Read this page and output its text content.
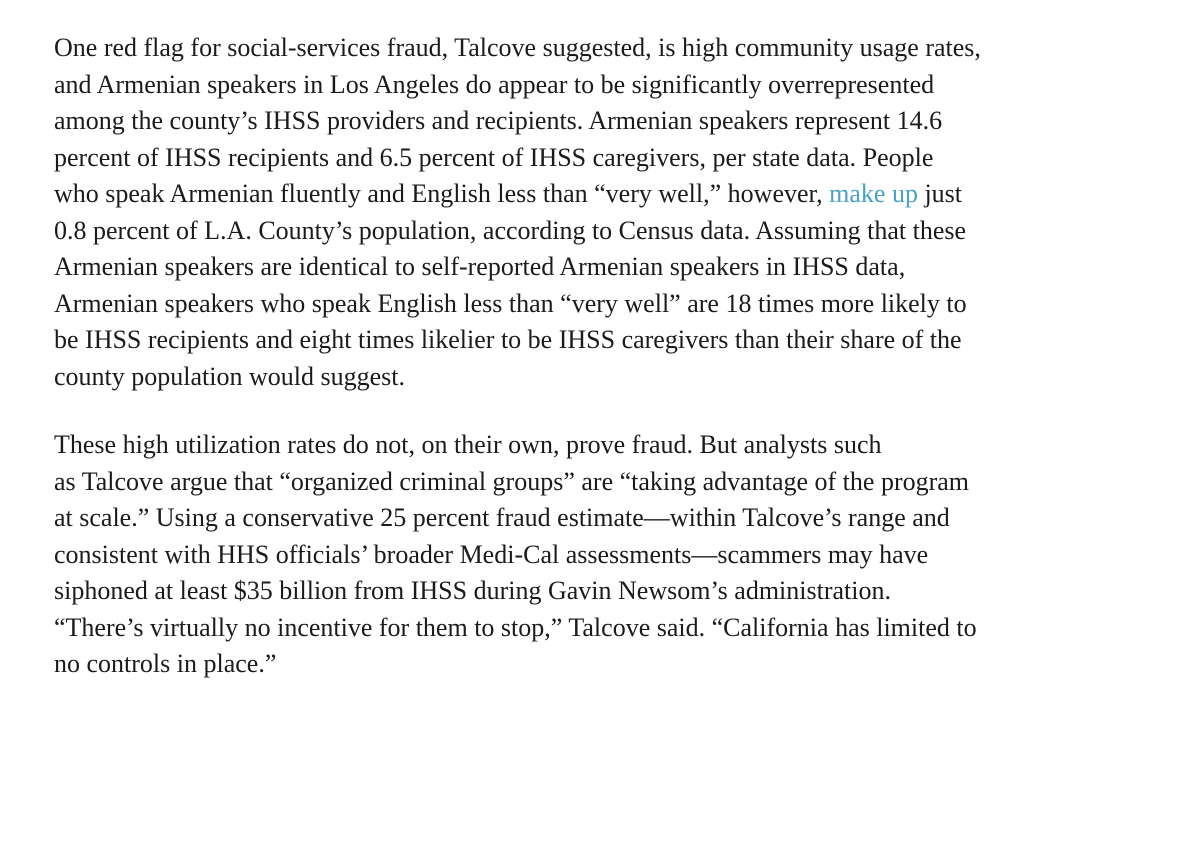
One red flag for social-services fraud, Talcove suggested, is high community usage rates,
and Armenian speakers in Los Angeles do appear to be significantly overrepresented
among the county’s IHSS providers and recipients. Armenian speakers represent 14.6
percent of IHSS recipients and 6.5 percent of IHSS caregivers, per state data. People
who speak Armenian fluently and English less than “very well,” however, make up just
0.8 percent of L.A. County’s population, according to Census data. Assuming that these
Armenian speakers are identical to self-reported Armenian speakers in IHSS data,
Armenian speakers who speak English less than “very well” are 18 times more likely to
be IHSS recipients and eight times likelier to be IHSS caregivers than their share of the
county population would suggest.

These high utilization rates do not, on their own, prove fraud. But analysts such
as Talcove argue that “organized criminal groups” are “taking advantage of the program
at scale.” Using a conservative 25 percent fraud estimate—within Talcove’s range and
consistent with HHS officials’ broader Medi-Cal assessments—scammers may have
siphoned at least $35 billion from IHSS during Gavin Newsom’s administration.
“There’s virtually no incentive for them to stop,” Talcove said. “California has limited to
no controls in place.”
